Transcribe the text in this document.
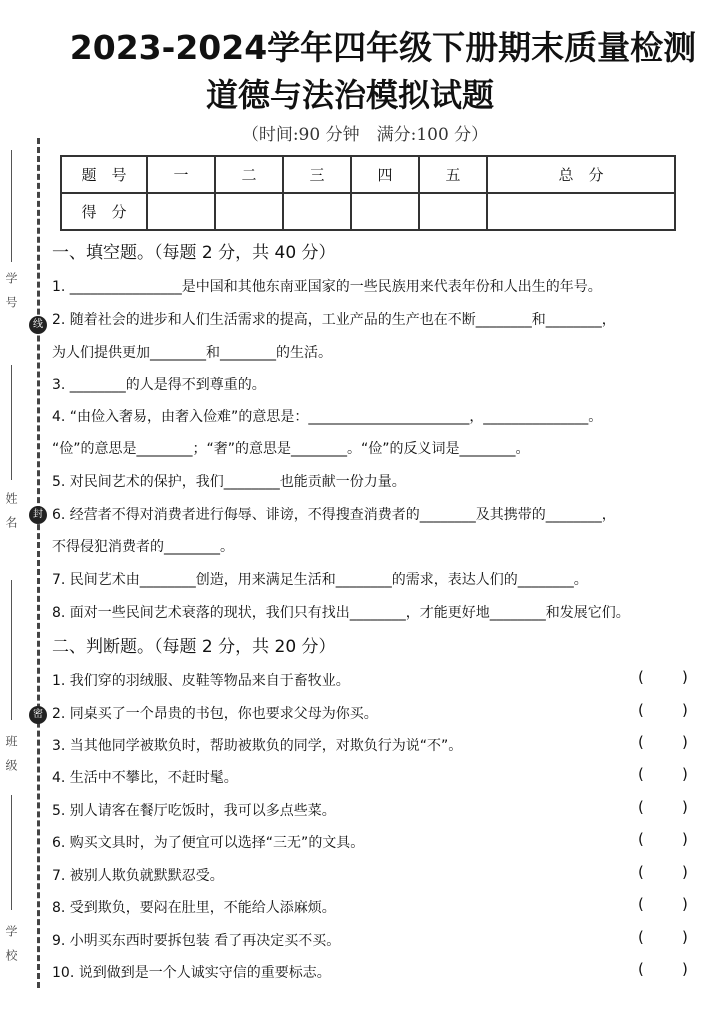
2023-2024学年四年级下册期末质量检测
道德与法治模拟试题
（时间:90 分钟　满分:100 分）
线
封
密
学　号
姓　名
班　级
学　校
题　号	一	二	三	四	五	总　分
得　分						
一、填空题。（每题 2 分，共 40 分）
1. ________________是中国和其他东南亚国家的一些民族用来代表年份和人出生的年号。
2. 随着社会的进步和人们生活需求的提高，工业产品的生产也在不断________和________，
为人们提供更加________和________的生活。
3. ________的人是得不到尊重的。
4. “由俭入奢易，由奢入俭难”的意思是：_______________________，_______________。
“俭”的意思是________；“奢”的意思是________。“俭”的反义词是________。
5. 对民间艺术的保护，我们________也能贡献一份力量。
6. 经营者不得对消费者进行侮辱、诽谤，不得搜查消费者的________及其携带的________，
不得侵犯消费者的________。
7. 民间艺术由________创造，用来满足生活和________的需求，表达人们的________。
8. 面对一些民间艺术衰落的现状，我们只有找出________，才能更好地________和发展它们。
二、判断题。（每题 2 分，共 20 分）
1. 我们穿的羽绒服、皮鞋等物品来自于畜牧业。	(        )
2. 同桌买了一个昂贵的书包，你也要求父母为你买。	(        )
3. 当其他同学被欺负时，帮助被欺负的同学，对欺负行为说“不”。	(        )
4. 生活中不攀比，不赶时髦。	(        )
5. 别人请客在餐厅吃饭时，我可以多点些菜。	(        )
6. 购买文具时，为了便宜可以选择“三无”的文具。	(        )
7. 被别人欺负就默默忍受。	(        )
8. 受到欺负，要闷在肚里，不能给人添麻烦。	(        )
9. 小明买东西时要拆包装 看了再决定买不买。	(        )
10. 说到做到是一个人诚实守信的重要标志。	(        )
